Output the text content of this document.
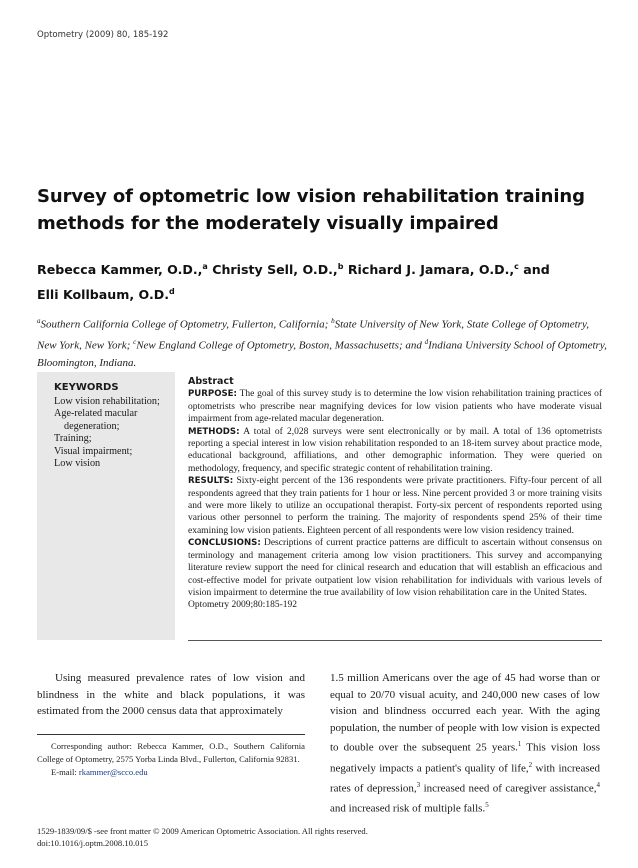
Optometry (2009) 80, 185-192
Survey of optometric low vision rehabilitation training
methods for the moderately visually impaired
Rebecca Kammer, O.D.,$^a$ Christy Sell, O.D.,$^b$ Richard J. Jamara, O.D.,$^c$ and
Elli Kollbaum, O.D.$^d$
$^a$Southern California College of Optometry, Fullerton, California; $^b$State University of New York, State College of Optometry, New York, New York; $^c$New England College of Optometry, Boston, Massachusetts; and $^d$Indiana University School of Optometry, Bloomington, Indiana.
KEYWORDS
Low vision rehabilitation;
Age-related macular degeneration;
Training;
Visual impairment;
Low vision
Abstract

PURPOSE: The goal of this survey study is to determine the low vision rehabilitation training practices of optometrists who prescribe near magnifying devices for low vision patients who have moderate visual impairment from age-related macular degeneration.

METHODS: A total of 2,028 surveys were sent electronically or by mail. A total of 136 optometrists reporting a special interest in low vision rehabilitation responded to an 18-item survey about practice mode, educational background, affiliations, and other demographic information. They were queried on methodology, frequency, and specific strategic content of rehabilitation training.

RESULTS: Sixty-eight percent of the 136 respondents were private practitioners. Fifty-four percent of all respondents agreed that they train patients for 1 hour or less. Nine percent provided 3 or more training visits and were more likely to utilize an occupational therapist. Forty-six percent of respondents reported using various other personnel to perform the training. The majority of respondents spend 25% of their time examining low vision patients. Eighteen percent of all respondents were low vision residency trained.

CONCLUSIONS: Descriptions of current practice patterns are difficult to ascertain without consensus on terminology and management criteria among low vision practitioners. This survey and accompanying literature review support the need for clinical research and education that will establish an efficacious and cost-effective model for private outpatient low vision rehabilitation for individuals with various levels of vision impairment to determine the true availability of low vision rehabilitation care in the United States.

Optometry 2009;80:185-192

Using measured prevalence rates of low vision and blindness in the white and black populations, it was estimated from the 2000 census data that approximately

1.5 million Americans over the age of 45 had worse than or equal to 20/70 visual acuity, and 240,000 new cases of low vision and blindness occurred each year. With the aging population, the number of people with low vision is expected to double over the subsequent 25 years.$^1$ This vision loss negatively impacts a patient's quality of life,$^2$ with increased rates of depression,$^3$ increased need of caregiver assistance,$^4$ and increased risk of multiple falls.$^5$

Corresponding author: Rebecca Kammer, O.D., Southern California College of Optometry, 2575 Yorba Linda Blvd., Fullerton, California 92831.

E-mail: rkammer@scco.edu

1529-1839/09/$ -see front matter © 2009 American Optometric Association. All rights reserved.
doi:10.1016/j.optm.2008.10.015
